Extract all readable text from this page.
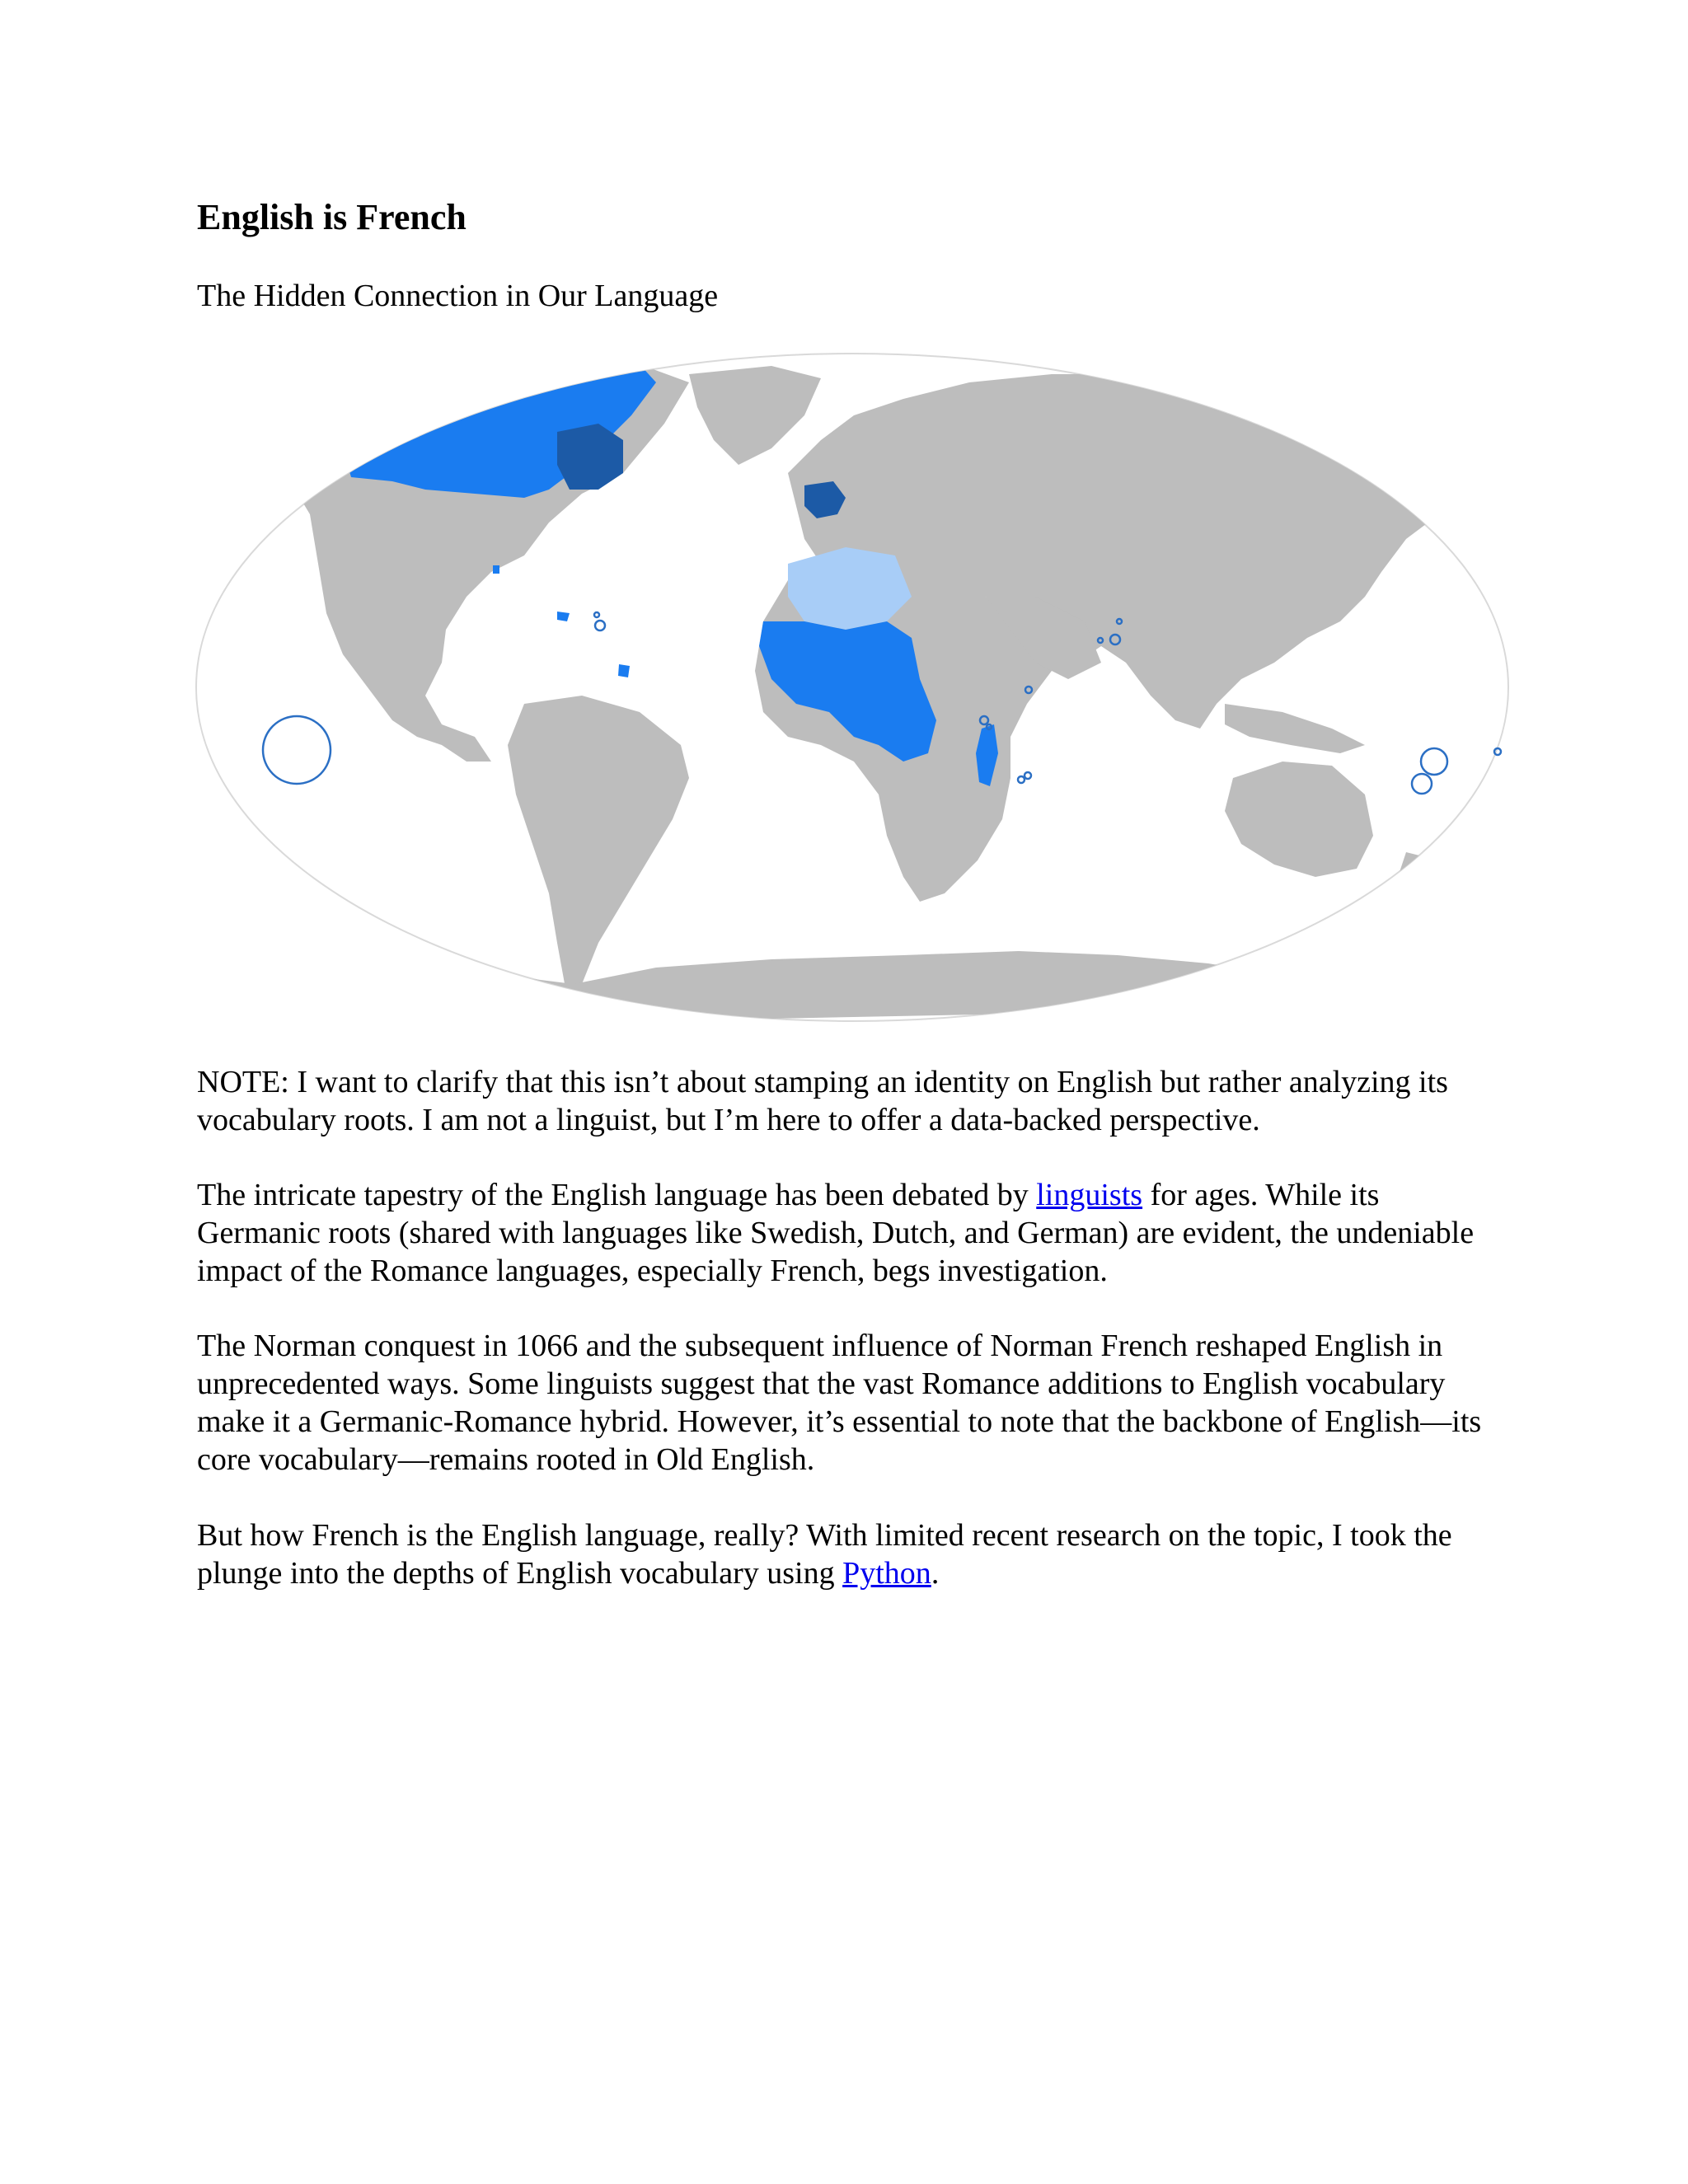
English is French

The Hidden Connection in Our Language

NOTE: I want to clarify that this isn’t about stamping an identity on English but rather analyzing its vocabulary roots. I am not a linguist, but I’m here to offer a data-backed perspective.

The intricate tapestry of the English language has been debated by linguists for ages. While its Germanic roots (shared with languages like Swedish, Dutch, and German) are evident, the undeniable impact of the Romance languages, especially French, begs investigation.

The Norman conquest in 1066 and the subsequent influence of Norman French reshaped English in unprecedented ways. Some linguists suggest that the vast Romance additions to English vocabulary make it a Germanic-Romance hybrid. However, it’s essential to note that the backbone of English—its core vocabulary—remains rooted in Old English.

But how French is the English language, really? With limited recent research on the topic, I took the plunge into the depths of English vocabulary using Python.
